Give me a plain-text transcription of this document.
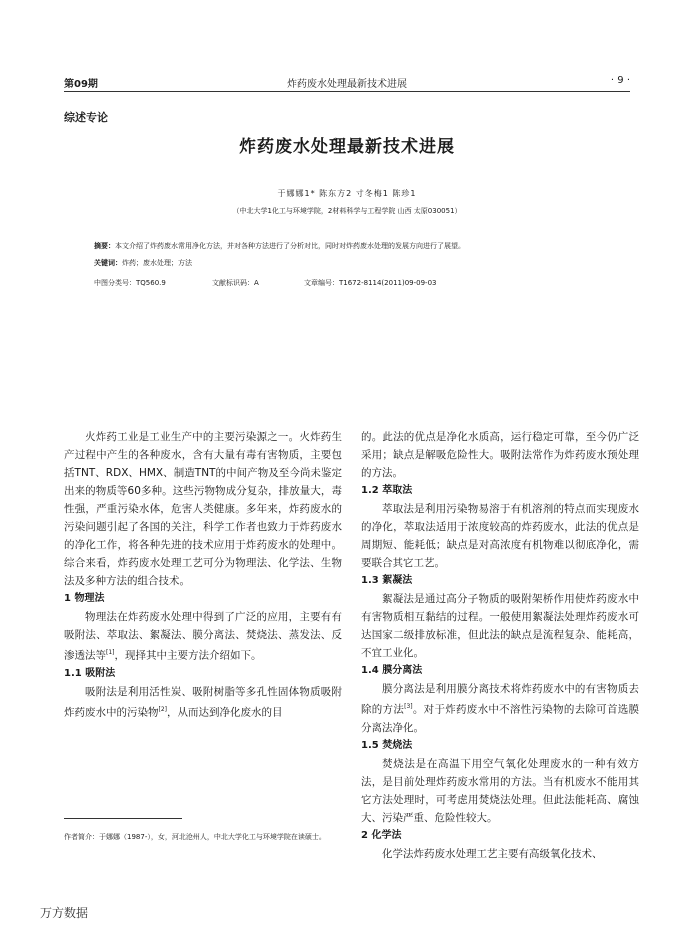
第09期	炸药废水处理最新技术进展	· 9 ·
综述专论
炸药废水处理最新技术进展
于娜娜1* 陈东方2 寸冬梅1 陈珍1
（中北大学1化工与环境学院，2材料科学与工程学院 山西 太原030051）
摘要：本文介绍了炸药废水常用净化方法，并对各种方法进行了分析对比，同时对炸药废水处理的发展方向进行了展望。
关键词：炸药；废水处理；方法
中图分类号：TQ560.9	文献标识码：A	文章编号：T1672-8114(2011)09-09-03

火炸药工业是工业生产中的主要污染源之一。火炸药生产过程中产生的各种废水，含有大量有毒有害物质，主要包括TNT、RDX、HMX、制造TNT的中间产物及至今尚未鉴定出来的物质等60多种。这些污物物成分复杂，排放量大，毒性强，严重污染水体，危害人类健康。多年来，炸药废水的污染问题引起了各国的关注，科学工作者也致力于炸药废水的净化工作，将各种先进的技术应用于炸药废水的处理中。综合来看，炸药废水处理工艺可分为物理法、化学法、生物法及多种方法的组合技术。

1 物理法

物理法在炸药废水处理中得到了广泛的应用，主要有有吸附法、萃取法、絮凝法、膜分离法、焚烧法、蒸发法、反渗透法等[1]，现择其中主要方法介绍如下。

1.1 吸附法

吸附法是利用活性炭、吸附树脂等多孔性固体物质吸附炸药废水中的污染物[2]，从而达到净化废水的目

的。此法的优点是净化水质高，运行稳定可靠，至今仍广泛采用；缺点是解吸危险性大。吸附法常作为炸药废水预处理的方法。

1.2 萃取法

萃取法是利用污染物易溶于有机溶剂的特点而实现废水的净化，萃取法适用于浓度较高的炸药废水，此法的优点是周期短、能耗低；缺点是对高浓度有机物难以彻底净化，需要联合其它工艺。

1.3 絮凝法

絮凝法是通过高分子物质的吸附架桥作用使炸药废水中有害物质相互黏结的过程。一般使用絮凝法处理炸药废水可达国家二级排放标准，但此法的缺点是流程复杂、能耗高，不宜工业化。

1.4 膜分离法

膜分离法是利用膜分离技术将炸药废水中的有害物质去除的方法[3]。对于炸药废水中不溶性污染物的去除可首选膜分离法净化。

1.5 焚烧法

焚烧法是在高温下用空气氧化处理废水的一种有效方法，是目前处理炸药废水常用的方法。当有机废水不能用其它方法处理时，可考虑用焚烧法处理。但此法能耗高、腐蚀大、污染严重、危险性较大。

2 化学法

化学法炸药废水处理工艺主要有高级氧化技术、

作者简介：于娜娜（1987-），女，河北沧州人，中北大学化工与环境学院在读硕士。
万方数据
